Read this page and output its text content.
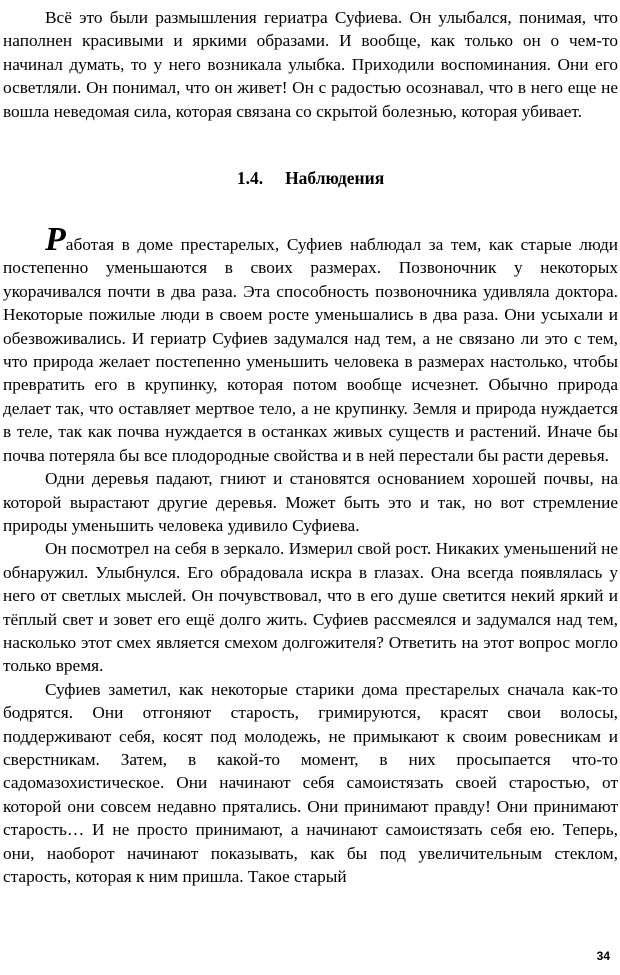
Всё это были размышления гериатра Суфиева. Он улыбался, понимая, что наполнен красивыми и яркими образами. И вообще, как только он о чем-то начинал думать, то у него возникала улыбка. Приходили воспоминания. Они его осветляли. Он понимал, что он живет! Он с радостью осознавал, что в него еще не вошла неведомая сила, которая связана со скрытой болезнью, которая убивает.

1.4. Наблюдения

Работая в доме престарелых, Суфиев наблюдал за тем, как старые люди постепенно уменьшаются в своих размерах. Позвоночник у некоторых укорачивался почти в два раза. Эта способность позвоночника удивляла доктора. Некоторые пожилые люди в своем росте уменьшались в два раза. Они усыхали и обезвоживались. И гериатр Суфиев задумался над тем, а не связано ли это с тем, что природа желает постепенно уменьшить человека в размерах настолько, чтобы превратить его в крупинку, которая потом вообще исчезнет. Обычно природа делает так, что оставляет мертвое тело, а не крупинку. Земля и природа нуждается в теле, так как почва нуждается в останках живых существ и растений. Иначе бы почва потеряла бы все плодородные свойства и в ней перестали бы расти деревья.

Одни деревья падают, гниют и становятся основанием хорошей почвы, на которой вырастают другие деревья. Может быть это и так, но вот стремление природы уменьшить человека удивило Суфиева.

Он посмотрел на себя в зеркало. Измерил свой рост. Никаких уменьшений не обнаружил. Улыбнулся. Его обрадовала искра в глазах. Она всегда появлялась у него от светлых мыслей. Он почувствовал, что в его душе светится некий яркий и тёплый свет и зовет его ещё долго жить. Суфиев рассмеялся и задумался над тем, насколько этот смех является смехом долгожителя? Ответить на этот вопрос могло только время.

Суфиев заметил, как некоторые старики дома престарелых сначала как-то бодрятся. Они отгоняют старость, гримируются, красят свои волосы, поддерживают себя, косят под молодежь, не примыкают к своим ровесникам и сверстникам. Затем, в какой-то момент, в них просыпается что-то садомазохистическое. Они начинают себя самоистязать своей старостью, от которой они совсем недавно прятались. Они принимают правду! Они принимают старость… И не просто принимают, а начинают самоистязать себя ею. Теперь, они, наоборот начинают показывать, как бы под увеличительным стеклом, старость, которая к ним пришла. Такое старый

34
